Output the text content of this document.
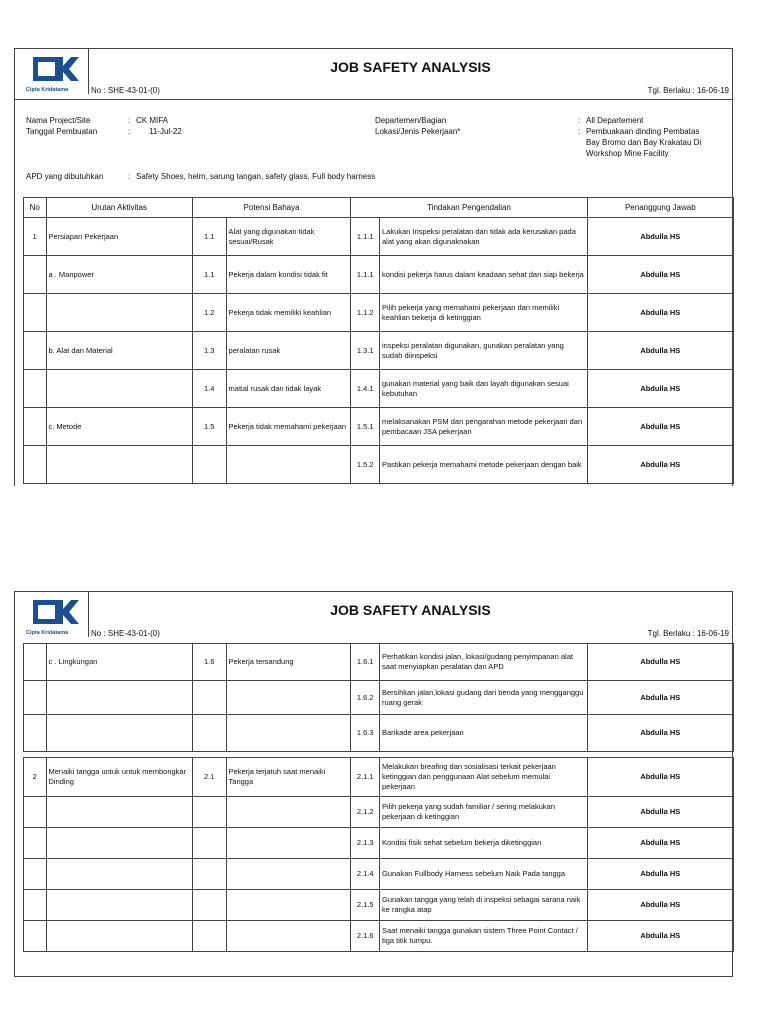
Cipta Kridatama
JOB SAFETY ANALYSIS
No : SHE-43-01-(0)	Tgl. Berlaku : 16-06-19
Nama Project/Site	: CK MIFA
Tanggal Pembuatan	: 11-Jul-22
Departemen/Bagian	: All Departement
Lokasi/Jenis Pekerjaan*	: Pembuakaan dinding Pembatas
Bay Bromo dan Bay Krakatau Di
Workshop Mine Facility
APD yang dibutuhkan	: Safety Shoes, helm, sarung tangan, safety glass, Full body harness
No	Urutan Aktivitas	Potensi Bahaya		Tindakan Pengendalian		Penanggung Jawab
1	Persiapan Pekerjaan	1.1	Alat yang digunakan tidak sesuai/Rusak	1.1.1	Lakukan Inspeksi peralatan dan tidak ada kerusakan pada alat yang akan digunaknakan	Abdulla HS
	a . Manpower	1.1	Pekerja dalam kondisi tidak fit	1.1.1	kondisi pekerja harus dalam keadaan sehat dan siap bekerja	Abdulla HS
		1.2	Pekerja tidak memiliki keahlian	1.1.2	Pilih pekerja yang memahami pekerjaan dan memiliki keahlian bekerja di ketinggian	Abdulla HS
	b. Alat dan Material	1.3	peralatan rusak	1.3.1	inspeksi peralatan digunakan, gunakan peralatan yang sudah diinspeksi	Abdulla HS
		1.4	matial rusak dan tidak layak	1.4.1	gunakan material yang baik dan layah digunakan sesuai kebutuhan	Abdulla HS
	c. Metode	1.5	Pekerja tidak memahami pekerjaan	1.5.1	melaksanakan PSM dan pengarahan metode pekerjaan dan pembacaan JSA pekerjaan	Abdulla HS
				1.5.2	Pastikan pekerja memahami metode pekerjaan dengan baik	Abdulla HS
Cipta Kridatama
JOB SAFETY ANALYSIS
No : SHE-43-01-(0)	Tgl. Berlaku : 16-06-19
	c . Lingkungan	1.6	Pekerja tersandung	1.6.1	Perhatikan kondisi jalan, lokasi/gudang penyimpanan alat saat menyiapkan peralatan dan APD	Abdulla HS
				1.6.2	Bersihkan jalan,lokasi gudang dari benda yang mengganggu ruang gerak	Abdulla HS
				1.6.3	Barikade area pekerjaan	Abdulla HS

2	Menaiki tangga untuk untuk membongkar Dinding	2.1	Pekerja terjatuh saat menaiki Tangga	2.1.1	Melakukan breafing dan sosialisasi terkait pekerjaan ketinggian dan penggunaan Alat sebelum memulai pekerjaan	Abdulla HS
				2.1.2	Pilih pekerja yang sudah familiar / sering melakukan pekerjaan di ketinggian	Abdulla HS
				2.1.3	Kondisi fisik sehat sebelum bekerja diketinggian	Abdulla HS
				2.1.4	Gunakan Fullbody Harness sebelum Naik Pada tangga	Abdulla HS
				2.1.5	Gunakan tangga yang telah di inspeksi sebagai sarana naik ke rangka atap	Abdulla HS
				2.1.6	Saat menaiki tangga gunakan sistem Three Point Contact / tiga titik tumpu.	Abdulla HS
